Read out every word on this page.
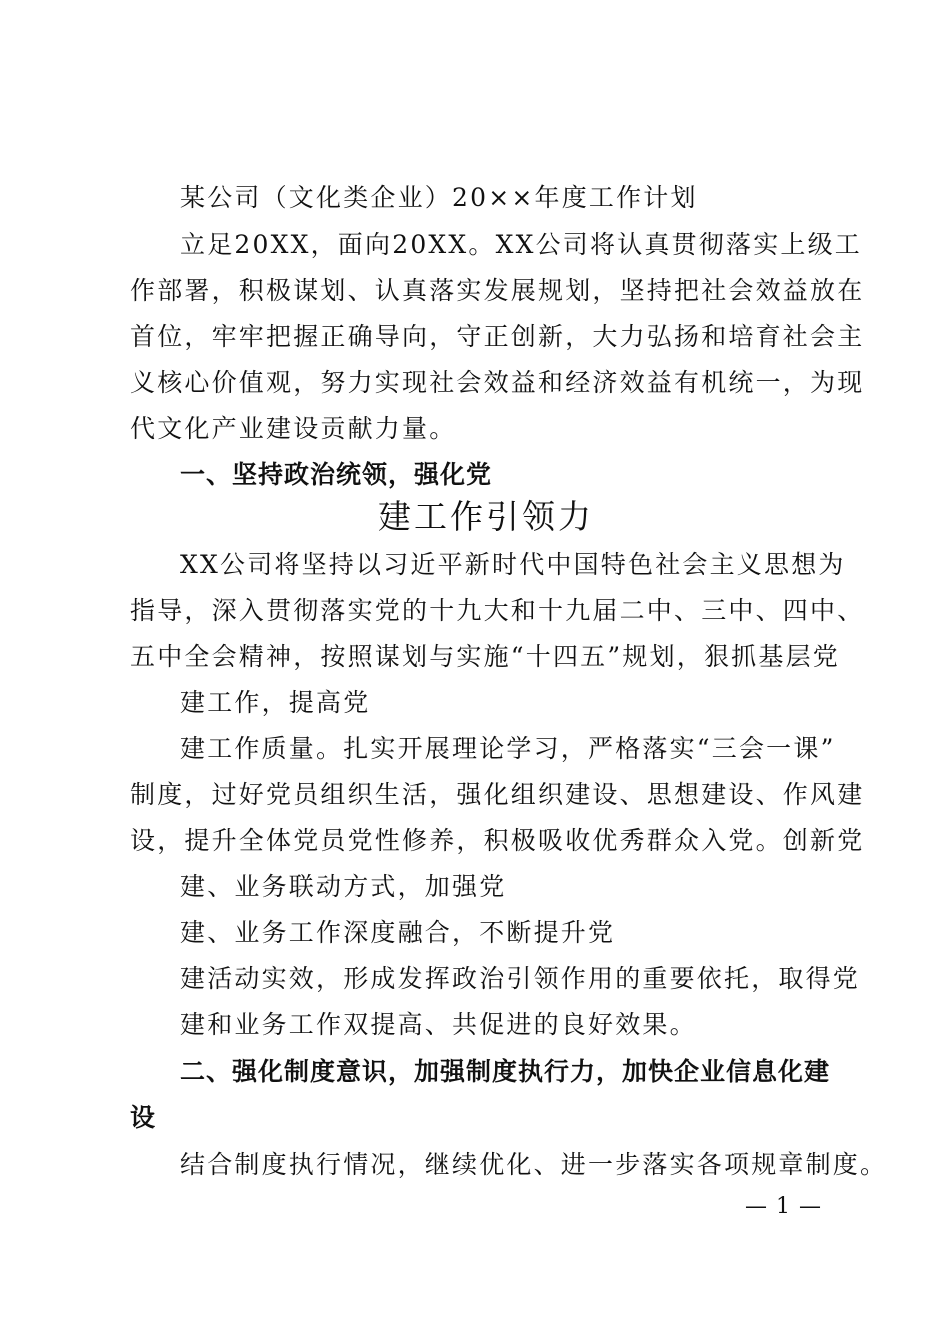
某公司（文化类企业）20××年度工作计划
立足20XX，面向20XX。XX公司将认真贯彻落实上级工
作部署，积极谋划、认真落实发展规划，坚持把社会效益放在
首位，牢牢把握正确导向，守正创新，大力弘扬和培育社会主
义核心价值观，努力实现社会效益和经济效益有机统一，为现
代文化产业建设贡献力量。
一、坚持政治统领，强化党
建工作引领力
XX公司将坚持以习近平新时代中国特色社会主义思想为
指导，深入贯彻落实党的十九大和十九届二中、三中、四中、
五中全会精神，按照谋划与实施“十四五”规划，狠抓基层党
建工作，提高党
建工作质量。扎实开展理论学习，严格落实“三会一课”
制度，过好党员组织生活，强化组织建设、思想建设、作风建
设，提升全体党员党性修养，积极吸收优秀群众入党。创新党
建、业务联动方式，加强党
建、业务工作深度融合，不断提升党
建活动实效，形成发挥政治引领作用的重要依托，取得党
建和业务工作双提高、共促进的良好效果。
二、强化制度意识，加强制度执行力，加快企业信息化建
设
结合制度执行情况，继续优化、进一步落实各项规章制度。
— 1 —
